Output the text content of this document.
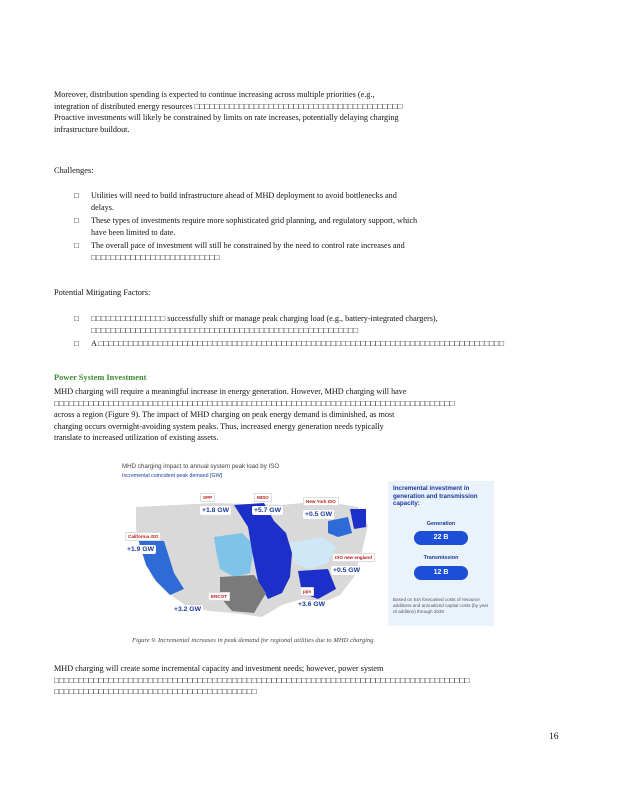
Moreover, distribution spending is expected to continue increasing across multiple priorities (e.g.,
integration of distributed energy resources □□□□□□□□□□□□□□□□□□□□□□□□□□□□□□□□□□□□□□□□□□
Proactive investments will likely be constrained by limits on rate increases, potentially delaying charging
infrastructure buildout.
Challenges:
□ Utilities will need to build infrastructure ahead of MHD deployment to avoid bottlenecks and
delays.
□ These types of investments require more sophisticated grid planning, and regulatory support, which
have been limited to date.
□ The overall pace of investment will still be constrained by the need to control rate increases and
□□□□□□□□□□□□□□□□□□□□□□□□□□
Potential Mitigating Factors:
□ □□□□□□□□□□□□□□□ successfully shift or manage peak charging load (e.g., battery-integrated chargers),
□□□□□□□□□□□□□□□□□□□□□□□□□□□□□□□□□□□□□□□□□□□□□□□□□□□□□□
□ A □□□□□□□□□□□□□□□□□□□□□□□□□□□□□□□□□□□□□□□□□□□□□□□□□□□□□□□□□□□□□□□□□□□□□□□□□□□□□□□□□□
Power System Investment
MHD charging will require a meaningful increase in energy generation. However, MHD charging will have
□□□□□□□□□□□□□□□□□□□□□□□□□□□□□□□□□□□□□□□□□□□□□□□□□□□□□□□□□□□□□□□□□□□□□□□□□□□□□□□□□
across a region (Figure 9). The impact of MHD charging on peak energy demand is diminished, as most
charging occurs overnight-avoiding system peaks. Thus, increased energy generation needs typically
translate to increased utilization of existing assets.
MHD charging impact to annual system peak load by ISO
Incremental coincident peak demand [GW]
California ISO
+1.9 GW
SPP
+1.8 GW
MISO
+5.7 GW
New York ISO
+0.5 GW
ISO new england
+0.5 GW
ERCOT
+3.2 GW
pjm
+3.6 GW
Incremental investment in generation and transmission capacity:
Generation
22 B
Transmission
12 B
Based on EIA forecasted costs of resource additions and annualized capital costs (by year of addition) through 2030
Figure 9. Incremental increases in peak demand for regional utilities due to MHD charging
MHD charging will create some incremental capacity and investment needs; however, power system
□□□□□□□□□□□□□□□□□□□□□□□□□□□□□□□□□□□□□□□□□□□□□□□□□□□□□□□□□□□□□□□□□□□□□□□□□□□□□□□□□□□□
□□□□□□□□□□□□□□□□□□□□□□□□□□□□□□□□□□□□□□□□□
16
